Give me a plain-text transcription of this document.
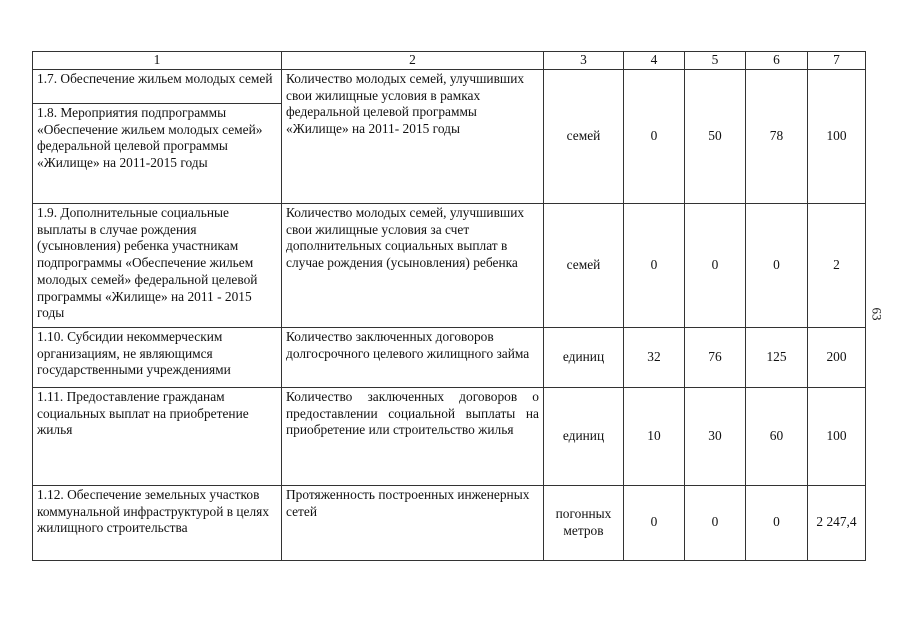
1	2	3	4	5	6	7
1.7. Обеспечение жильем молодых семей	Количество молодых семей, улучшивших свои жилищные условия в рамках федеральной целевой программы «Жилище» на 2011- 2015 годы	семей	0	50	78	100
1.8. Мероприятия подпрограммы «Обеспечение жильем молодых семей» федеральной целевой программы «Жилище» на 2011-2015 годы						
1.9. Дополнительные социальные выплаты в случае рождения (усыновления) ребенка участникам подпрограммы «Обеспечение жильем молодых семей» федеральной целевой программы «Жилище» на 2011 - 2015 годы	Количество молодых семей, улучшивших свои жилищные условия за счет дополнительных социальных выплат в случае рождения (усыновления) ребенка	семей	0	0	0	2
1.10. Субсидии некоммерческим организациям, не являющимся государственными учреждениями	Количество заключенных договоров долгосрочного целевого жилищного займа	единиц	32	76	125	200
1.11. Предоставление гражданам социальных выплат на приобретение жилья	Количество заключенных договоров о предоставлении социальной выплаты на приобретение или строительство жилья	единиц	10	30	60	100
1.12. Обеспечение земельных участков коммунальной инфраструктурой в целях жилищного строительства	Протяженность построенных инженерных сетей	погонных метров	0	0	0	2 247,4
63
